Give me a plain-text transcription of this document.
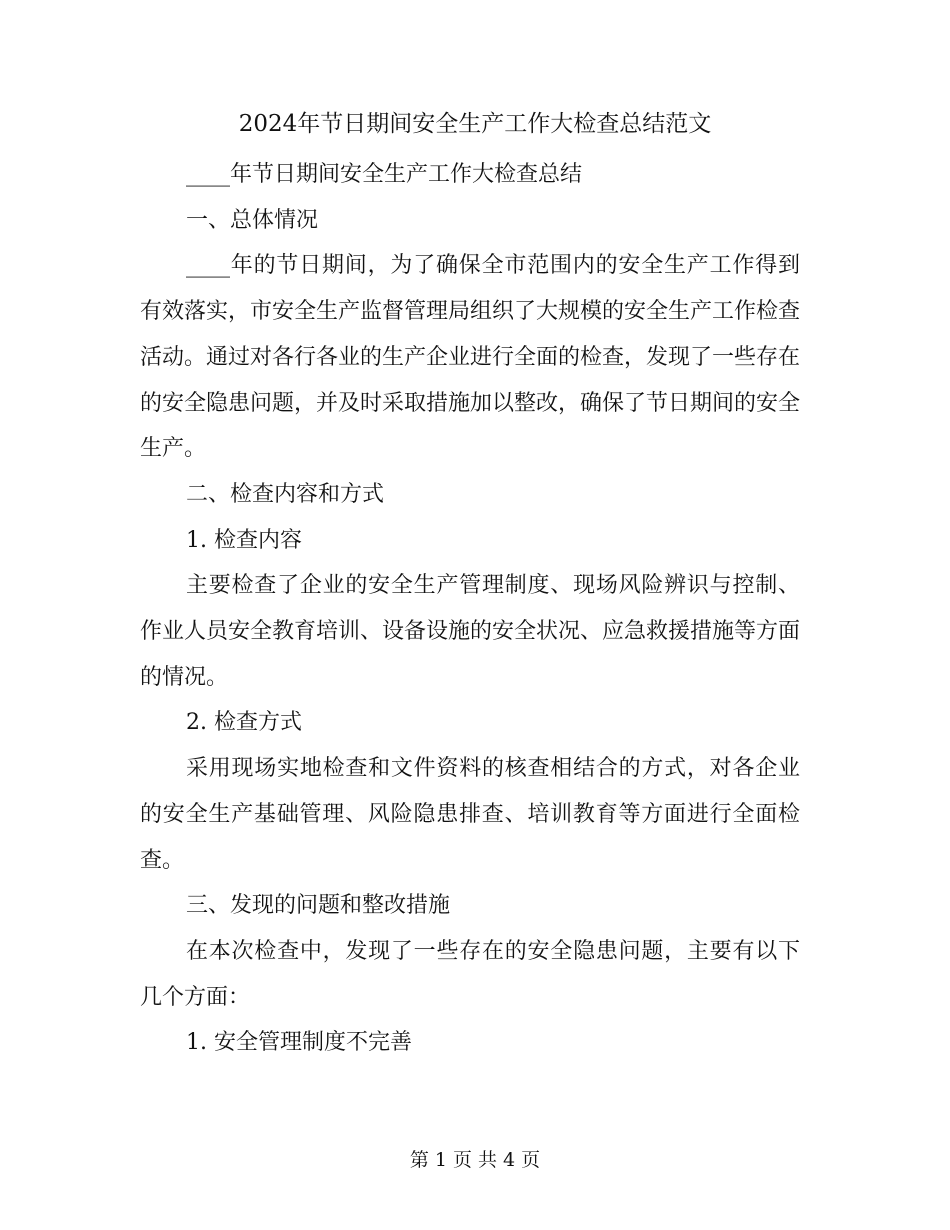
2024年节日期间安全生产工作大检查总结范文

____年节日期间安全生产工作大检查总结

一、总体情况

____年的节日期间，为了确保全市范围内的安全生产工作得到有效落实，市安全生产监督管理局组织了大规模的安全生产工作检查活动。通过对各行各业的生产企业进行全面的检查，发现了一些存在的安全隐患问题，并及时采取措施加以整改，确保了节日期间的安全生产。

二、检查内容和方式

1. 检查内容

主要检查了企业的安全生产管理制度、现场风险辨识与控制、作业人员安全教育培训、设备设施的安全状况、应急救援措施等方面的情况。

2. 检查方式

采用现场实地检查和文件资料的核查相结合的方式，对各企业的安全生产基础管理、风险隐患排查、培训教育等方面进行全面检查。

三、发现的问题和整改措施

在本次检查中，发现了一些存在的安全隐患问题，主要有以下几个方面：

1. 安全管理制度不完善

第 1 页 共 4 页
